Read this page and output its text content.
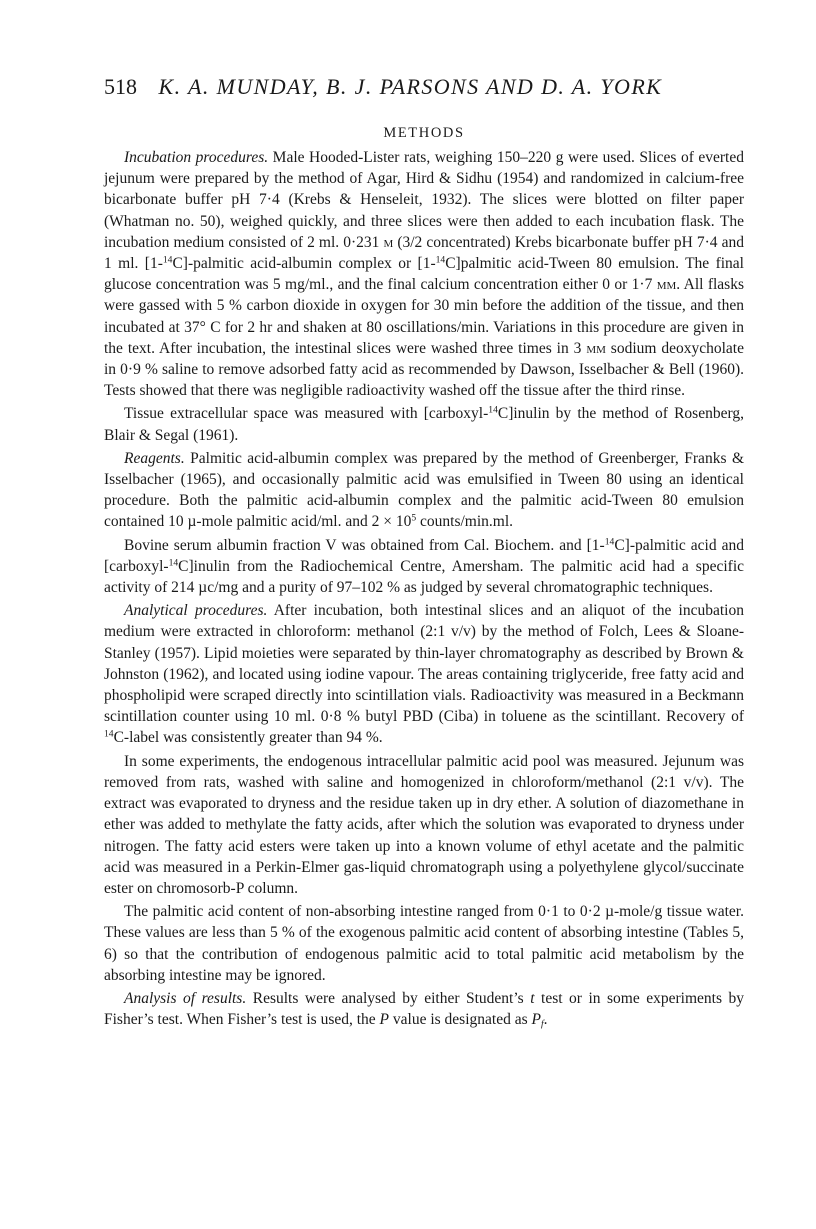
518 K. A. MUNDAY, B. J. PARSONS AND D. A. YORK
METHODS

Incubation procedures. Male Hooded-Lister rats, weighing 150–220 g were used. Slices of everted jejunum were prepared by the method of Agar, Hird & Sidhu (1954) and randomized in calcium-free bicarbonate buffer pH 7·4 (Krebs & Henseleit, 1932). The slices were blotted on filter paper (Whatman no. 50), weighed quickly, and three slices were then added to each incubation flask. The incubation medium consisted of 2 ml. 0·231 m (3/2 concentrated) Krebs bicarbonate buffer pH 7·4 and 1 ml. [1-$^{14}$C]-palmitic acid-albumin complex or [1-$^{14}$C]palmitic acid-Tween 80 emulsion. The final glucose concentration was 5 mg/ml., and the final calcium concentration either 0 or 1·7 mm. All flasks were gassed with 5 % carbon dioxide in oxygen for 30 min before the addition of the tissue, and then incubated at 37° C for 2 hr and shaken at 80 oscillations/min. Variations in this procedure are given in the text. After incubation, the intestinal slices were washed three times in 3 mm sodium deoxycholate in 0·9 % saline to remove adsorbed fatty acid as recommended by Dawson, Isselbacher & Bell (1960). Tests showed that there was negligible radioactivity washed off the tissue after the third rinse.

Tissue extracellular space was measured with [carboxyl-$^{14}$C]inulin by the method of Rosenberg, Blair & Segal (1961).

Reagents. Palmitic acid-albumin complex was prepared by the method of Greenberger, Franks & Isselbacher (1965), and occasionally palmitic acid was emulsified in Tween 80 using an identical procedure. Both the palmitic acid-albumin complex and the palmitic acid-Tween 80 emulsion contained 10 µ-mole palmitic acid/ml. and $2 \times 10^5$ counts/min.ml.

Bovine serum albumin fraction V was obtained from Cal. Biochem. and [1-$^{14}$C]-palmitic acid and [carboxyl-$^{14}$C]inulin from the Radiochemical Centre, Amersham. The palmitic acid had a specific activity of 214 µc/mg and a purity of 97–102 % as judged by several chromatographic techniques.

Analytical procedures. After incubation, both intestinal slices and an aliquot of the incubation medium were extracted in chloroform: methanol (2:1 v/v) by the method of Folch, Lees & Sloane-Stanley (1957). Lipid moieties were separated by thin-layer chromatography as described by Brown & Johnston (1962), and located using iodine vapour. The areas containing triglyceride, free fatty acid and phospholipid were scraped directly into scintillation vials. Radioactivity was measured in a Beckmann scintillation counter using 10 ml. 0·8 % butyl PBD (Ciba) in toluene as the scintillant. Recovery of $^{14}$C-label was consistently greater than 94 %.

In some experiments, the endogenous intracellular palmitic acid pool was measured. Jejunum was removed from rats, washed with saline and homogenized in chloroform/methanol (2:1 v/v). The extract was evaporated to dryness and the residue taken up in dry ether. A solution of diazomethane in ether was added to methylate the fatty acids, after which the solution was evaporated to dryness under nitrogen. The fatty acid esters were taken up into a known volume of ethyl acetate and the palmitic acid was measured in a Perkin-Elmer gas-liquid chromatograph using a polyethylene glycol/succinate ester on chromosorb-P column.

The palmitic acid content of non-absorbing intestine ranged from 0·1 to 0·2 µ-mole/g tissue water. These values are less than 5 % of the exogenous palmitic acid content of absorbing intestine (Tables 5, 6) so that the contribution of endogenous palmitic acid to total palmitic acid metabolism by the absorbing intestine may be ignored.

Analysis of results. Results were analysed by either Student’s t test or in some experiments by Fisher’s test. When Fisher’s test is used, the P value is designated as $P_f$.
